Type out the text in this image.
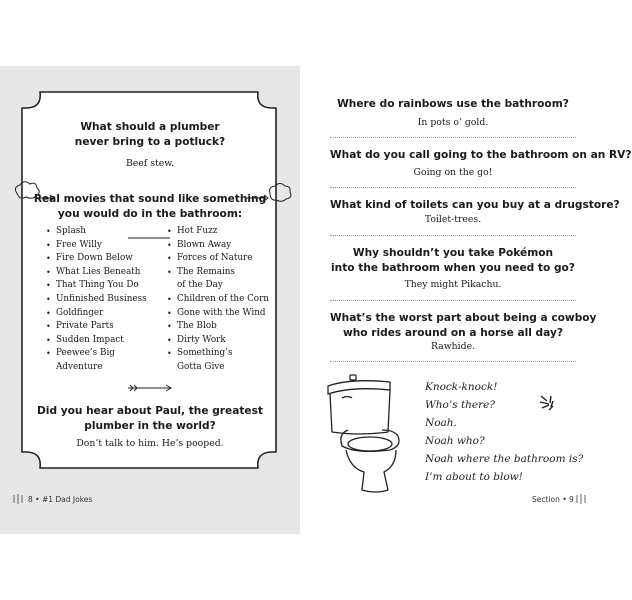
What should a plumber
never bring to a potluck?
Beef stew.
Real movies that sound like something
you would do in the bathroom:
• Splash
• Free Willy
• Fire Down Below
• What Lies Beneath
• That Thing You Do
• Unfinished Business
• Goldfinger
• Private Parts
• Sudden Impact
• Peewee’s Big
Adventure
• Hot Fuzz
• Blown Away
• Forces of Nature
• The Remains
of the Day
• Children of the Corn
• Gone with the Wind
• The Blob
• Dirty Work
• Something’s
Gotta Give
Did you hear about Paul, the greatest
plumber in the world?
Don’t talk to him. He’s pooped.
8 • #1 Dad Jokes
Where do rainbows use the bathroom?
In pots o’ gold.
What do you call going to the bathroom on an RV?
Going on the go!
What kind of toilets can you buy at a drugstore?
Toilet-trees.
Why shouldn’t you take Pokémon
into the bathroom when you need to go?
They might Pikachu.
What’s the worst part about being a cowboy
who rides around on a horse all day?
Rawhide.
Knock-knock!
Who’s there?
Noah.
Noah who?
Noah where the bathroom is?
I’m about to blow!
Section • 9
